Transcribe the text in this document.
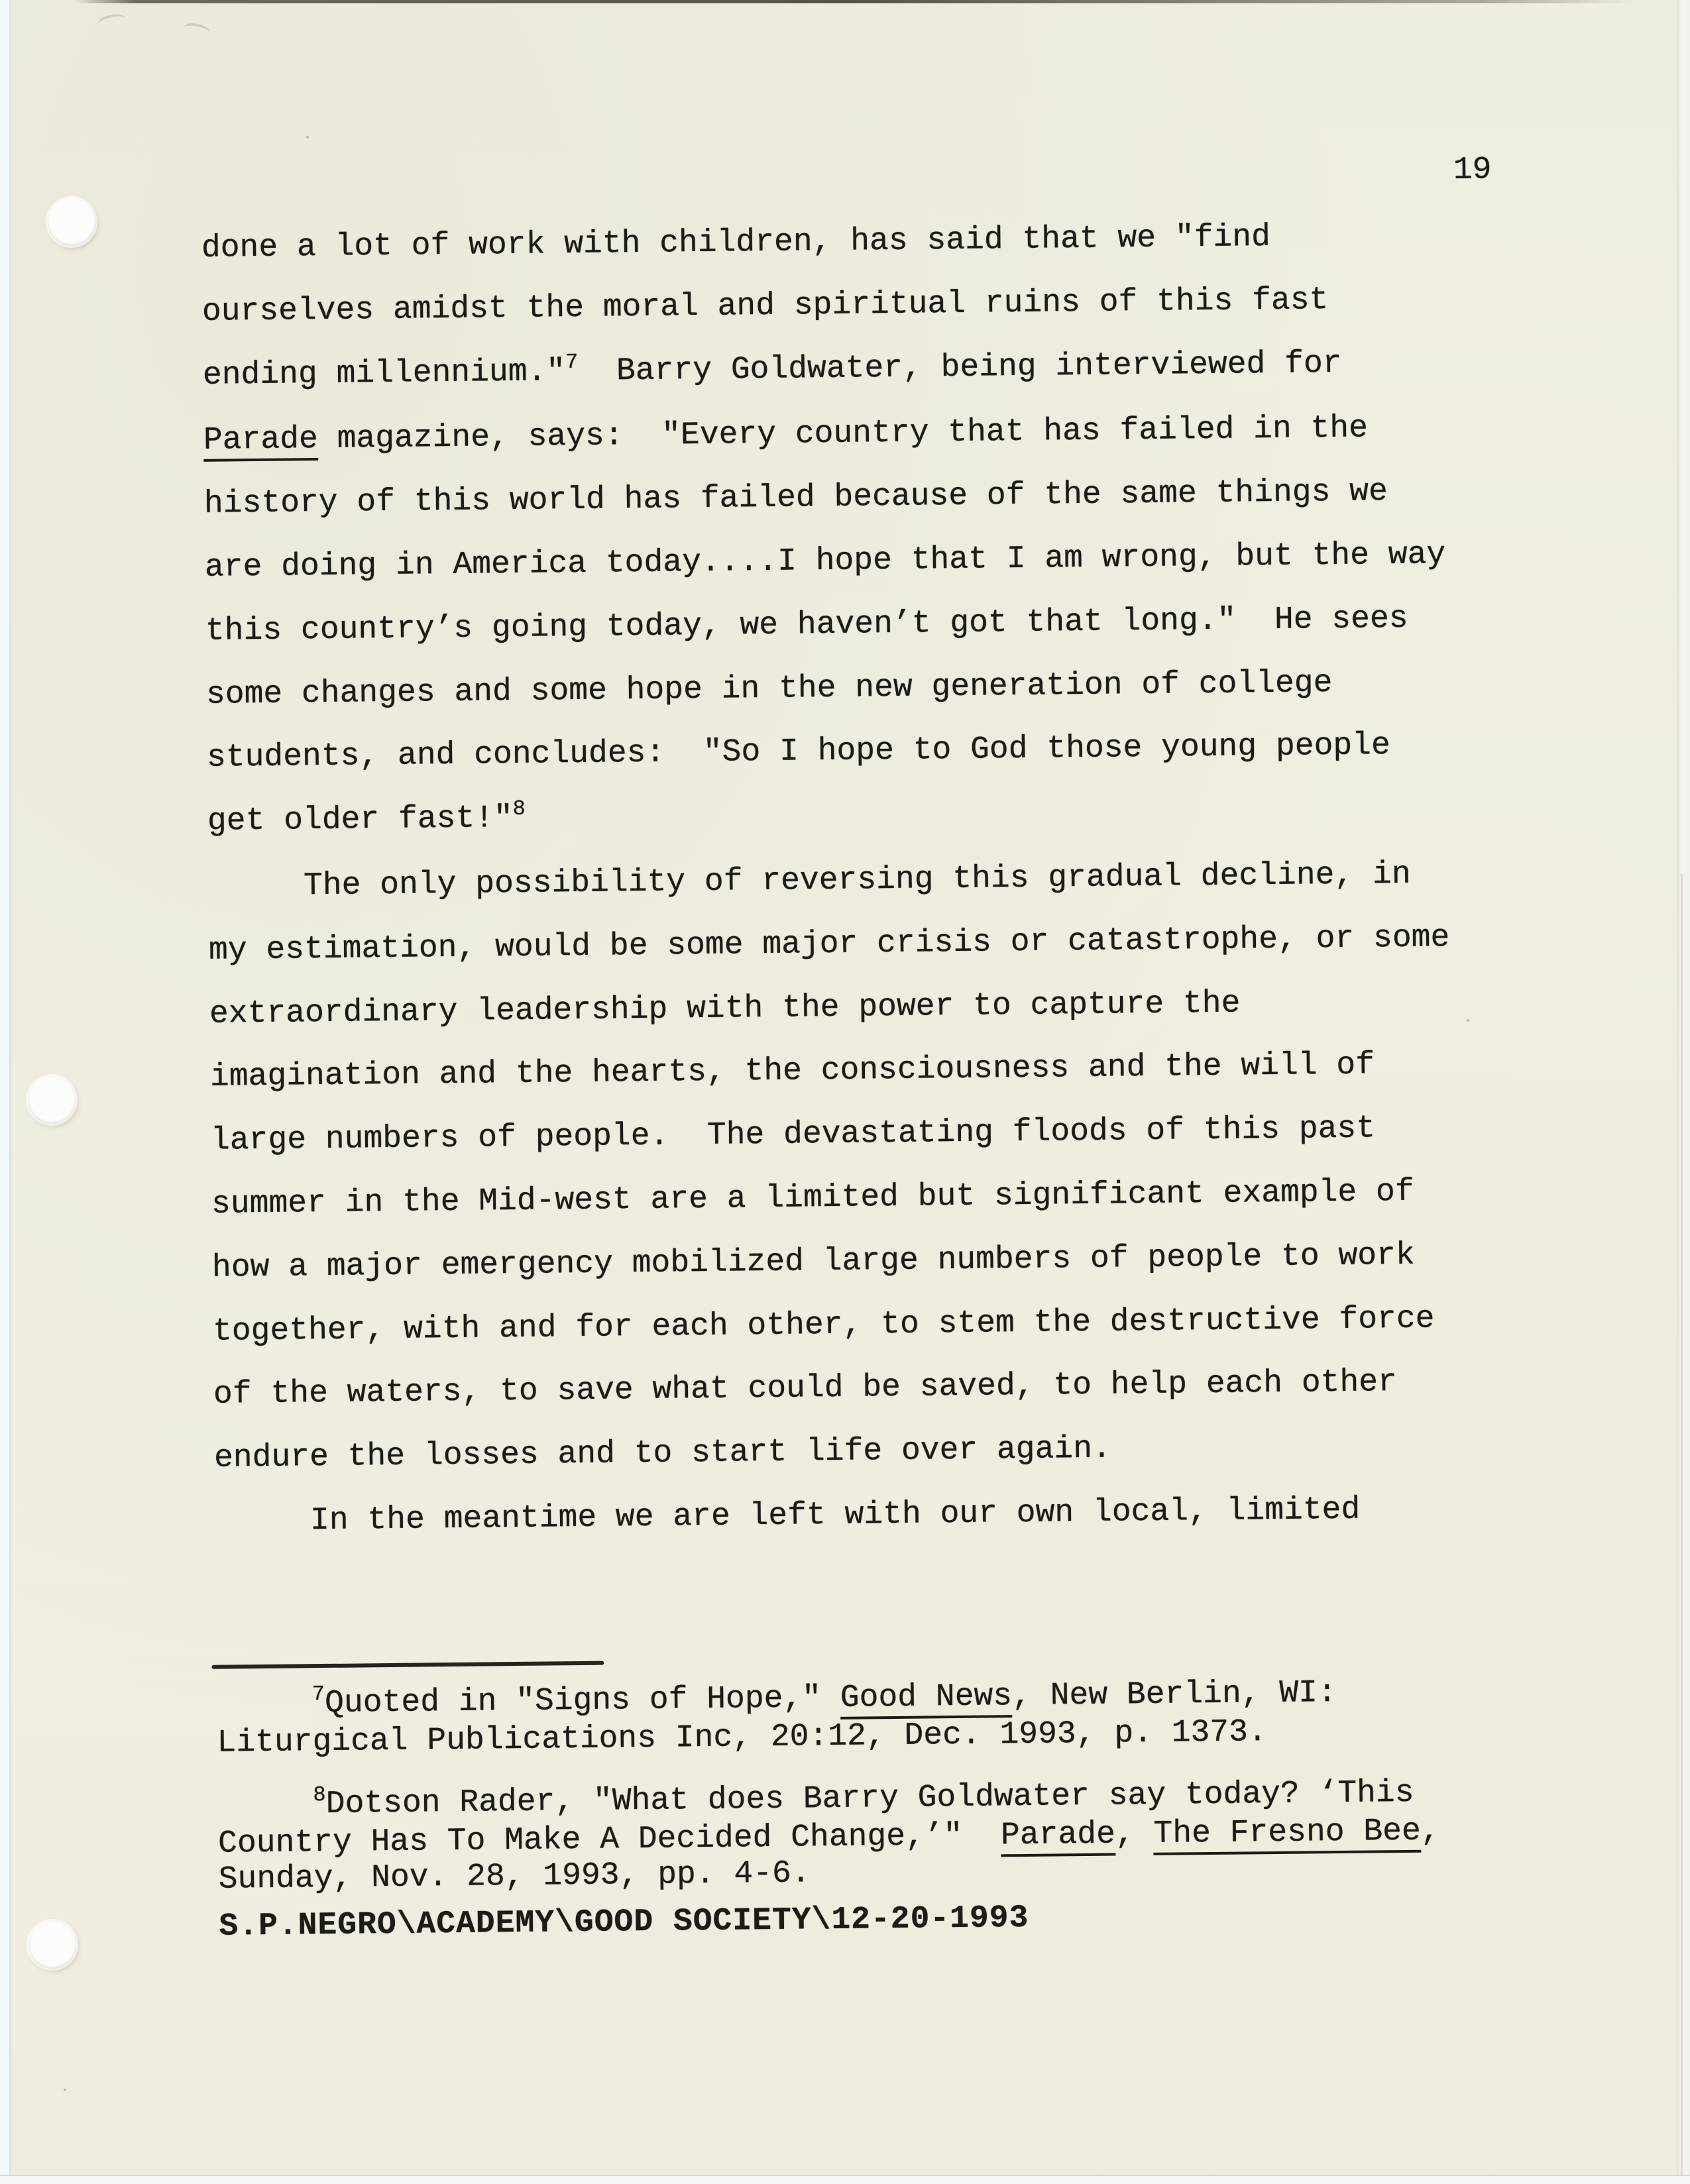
19
done a lot of work with children, has said that we "find
ourselves amidst the moral and spiritual ruins of this fast
ending millennium."$^7$  Barry Goldwater, being interviewed for
Parade magazine, says:  "Every country that has failed in the
history of this world has failed because of the same things we
are doing in America today....I hope that I am wrong, but the way
this country’s going today, we haven’t got that long."  He sees
some changes and some hope in the new generation of college
students, and concludes:  "So I hope to God those young people
get older fast!"$^8$
The only possibility of reversing this gradual decline, in
my estimation, would be some major crisis or catastrophe, or some
extraordinary leadership with the power to capture the
imagination and the hearts, the consciousness and the will of
large numbers of people.  The devastating floods of this past
summer in the Mid-west are a limited but significant example of
how a major emergency mobilized large numbers of people to work
together, with and for each other, to stem the destructive force
of the waters, to save what could be saved, to help each other
endure the losses and to start life over again.
In the meantime we are left with our own local, limited
$^7$Quoted in "Signs of Hope," Good News, New Berlin, WI:
Liturgical Publications Inc, 20:12, Dec. 1993, p. 1373.
$^8$Dotson Rader, "What does Barry Goldwater say today? ‘This
Country Has To Make A Decided Change,’"  Parade, The Fresno Bee,
Sunday, Nov. 28, 1993, pp. 4-6.
S.P.NEGRO\ACADEMY\GOOD SOCIETY\12-20-1993
